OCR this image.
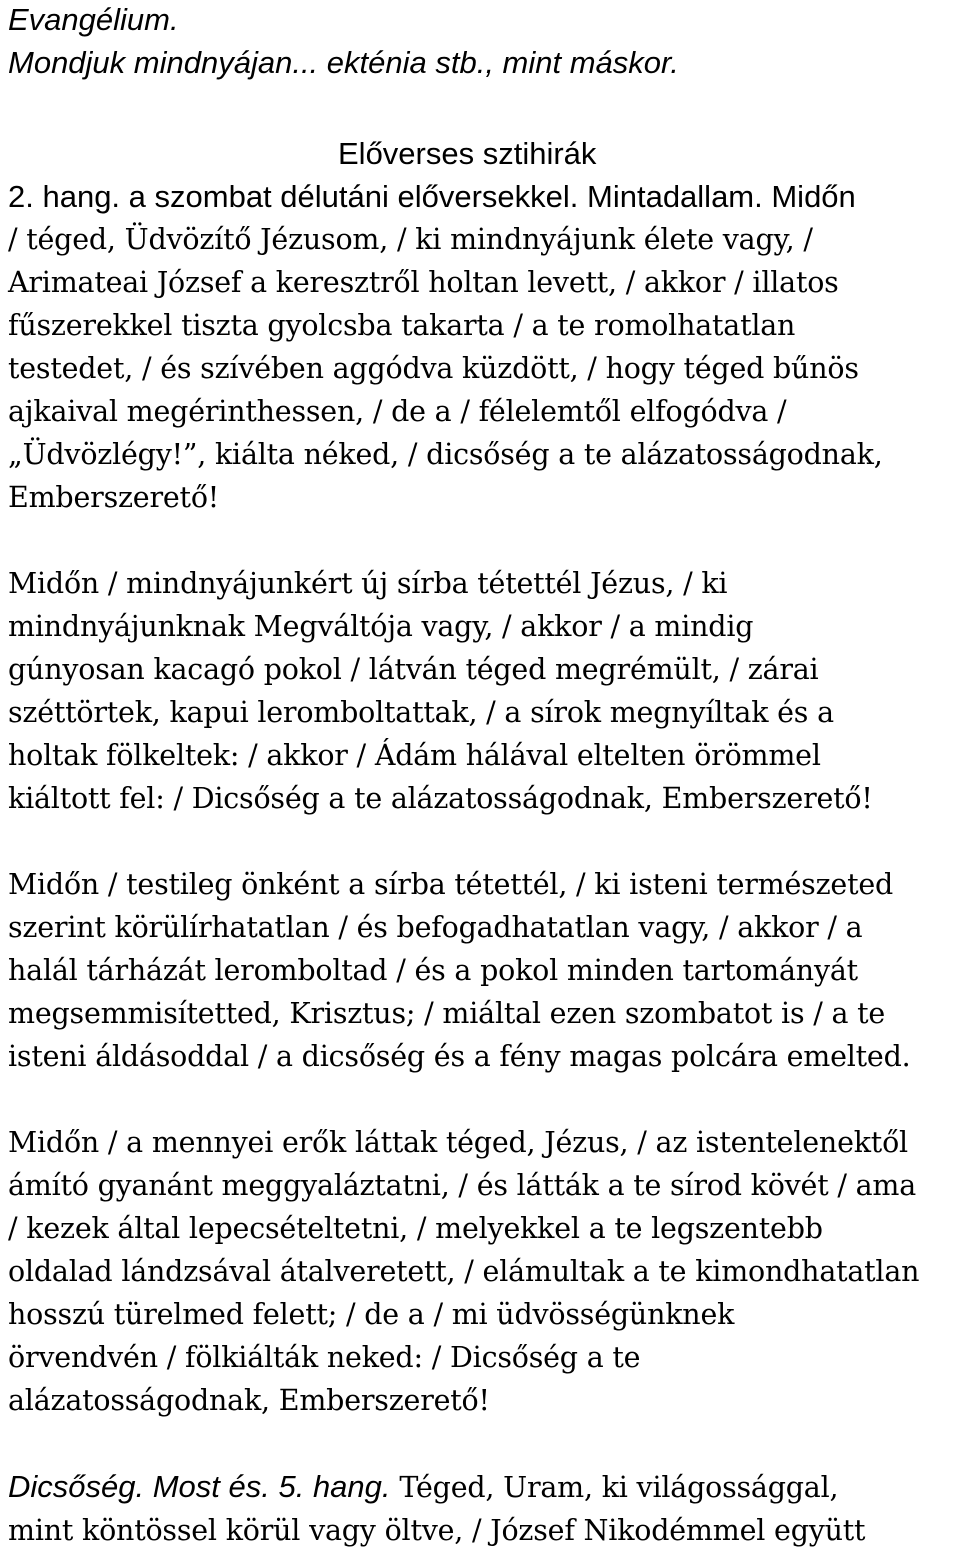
Evangélium.
Mondjuk mindnyájan... ekténia stb., mint máskor.
Előverses sztihirák

2. hang. a szombat délutáni előversekkel. Mintadallam. Midőn
/ téged, Üdvözítő Jézusom, / ki mindnyájunk élete vagy, /
Arimateai József a keresztről holtan levett, / akkor / illatos
fűszerekkel tiszta gyolcsba takarta / a te romolhatatlan
testedet, / és szívében aggódva küzdött, / hogy téged bűnös
ajkaival megérinthessen, / de a / félelemtől elfogódva /
„Üdvözlégy!”, kiálta néked, / dicsőség a te alázatosságodnak,
Emberszerető!

Midőn / mindnyájunkért új sírba tétettél Jézus, / ki
mindnyájunknak Megváltója vagy, / akkor / a mindig
gúnyosan kacagó pokol / látván téged megrémült, / zárai
széttörtek, kapui leromboltattak, / a sírok megnyíltak és a
holtak fölkeltek: / akkor / Ádám hálával eltelten örömmel
kiáltott fel: / Dicsőség a te alázatosságodnak, Emberszerető!

Midőn / testileg önként a sírba tétettél, / ki isteni természeted
szerint körülírhatatlan / és befogadhatatlan vagy, / akkor / a
halál tárházát leromboltad / és a pokol minden tartományát
megsemmisítetted, Krisztus; / miáltal ezen szombatot is / a te
isteni áldásoddal / a dicsőség és a fény magas polcára emelted.

Midőn / a mennyei erők láttak téged, Jézus, / az istentelenektől
ámító gyanánt meggyaláztatni, / és látták a te sírod kövét / ama
/ kezek által lepecsételtetni, / melyekkel a te legszentebb
oldalad lándzsával átalveretett, / elámultak a te kimondhatatlan
hosszú türelmed felett; / de a / mi üdvösségünknek
örvendvén / fölkiálták neked: / Dicsőség a te
alázatosságodnak, Emberszerető!

Dicsőség. Most és. 5. hang. Téged, Uram, ki világossággal,
mint köntössel körül vagy öltve, / József Nikodémmel együtt
